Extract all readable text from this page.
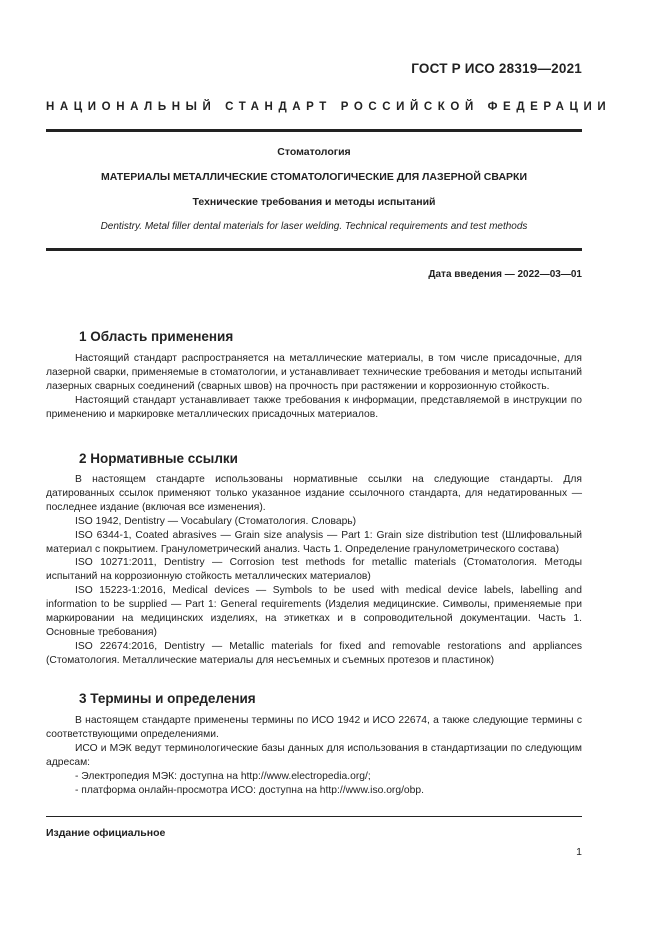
ГОСТ Р ИСО 28319—2021
НАЦИОНАЛЬНЫЙ СТАНДАРТ РОССИЙСКОЙ ФЕДЕРАЦИИ
Стоматология
МАТЕРИАЛЫ МЕТАЛЛИЧЕСКИЕ СТОМАТОЛОГИЧЕСКИЕ ДЛЯ ЛАЗЕРНОЙ СВАРКИ
Технические требования и методы испытаний
Dentistry. Metal filler dental materials for laser welding. Technical requirements and test methods
Дата введения — 2022—03—01
1 Область применения

Настоящий стандарт распространяется на металлические материалы, в том числе присадочные, для лазерной сварки, применяемые в стоматологии, и устанавливает технические требования и методы испытаний лазерных сварных соединений (сварных швов) на прочность при растяжении и коррозионную стойкость.

Настоящий стандарт устанавливает также требования к информации, представляемой в инструкции по применению и маркировке металлических присадочных материалов.

2 Нормативные ссылки

В настоящем стандарте использованы нормативные ссылки на следующие стандарты. Для датированных ссылок применяют только указанное издание ссылочного стандарта, для недатированных — последнее издание (включая все изменения).

ISO 1942, Dentistry — Vocabulary (Стоматология. Словарь)

ISO 6344-1, Coated abrasives — Grain size analysis — Part 1: Grain size distribution test (Шлифовальный материал с покрытием. Гранулометрический анализ. Часть 1. Определение гранулометрического состава)

ISO 10271:2011, Dentistry — Corrosion test methods for metallic materials (Стоматология. Методы испытаний на коррозионную стойкость металлических материалов)

ISO 15223-1:2016, Medical devices — Symbols to be used with medical device labels, labelling and information to be supplied — Part 1: General requirements (Изделия медицинские. Символы, применяемые при маркировании на медицинских изделиях, на этикетках и в сопроводительной документации. Часть 1. Основные требования)

ISO 22674:2016, Dentistry — Metallic materials for fixed and removable restorations and appliances (Стоматология. Металлические материалы для несъемных и съемных протезов и пластинок)

3 Термины и определения

В настоящем стандарте применены термины по ИСО 1942 и ИСО 22674, а также следующие термины с соответствующими определениями.

ИСО и МЭК ведут терминологические базы данных для использования в стандартизации по следующим адресам:

- Электропедия МЭК: доступна на http://www.electropedia.org/;

- платформа онлайн-просмотра ИСО: доступна на http://www.iso.org/obp.

Издание официальное
1
